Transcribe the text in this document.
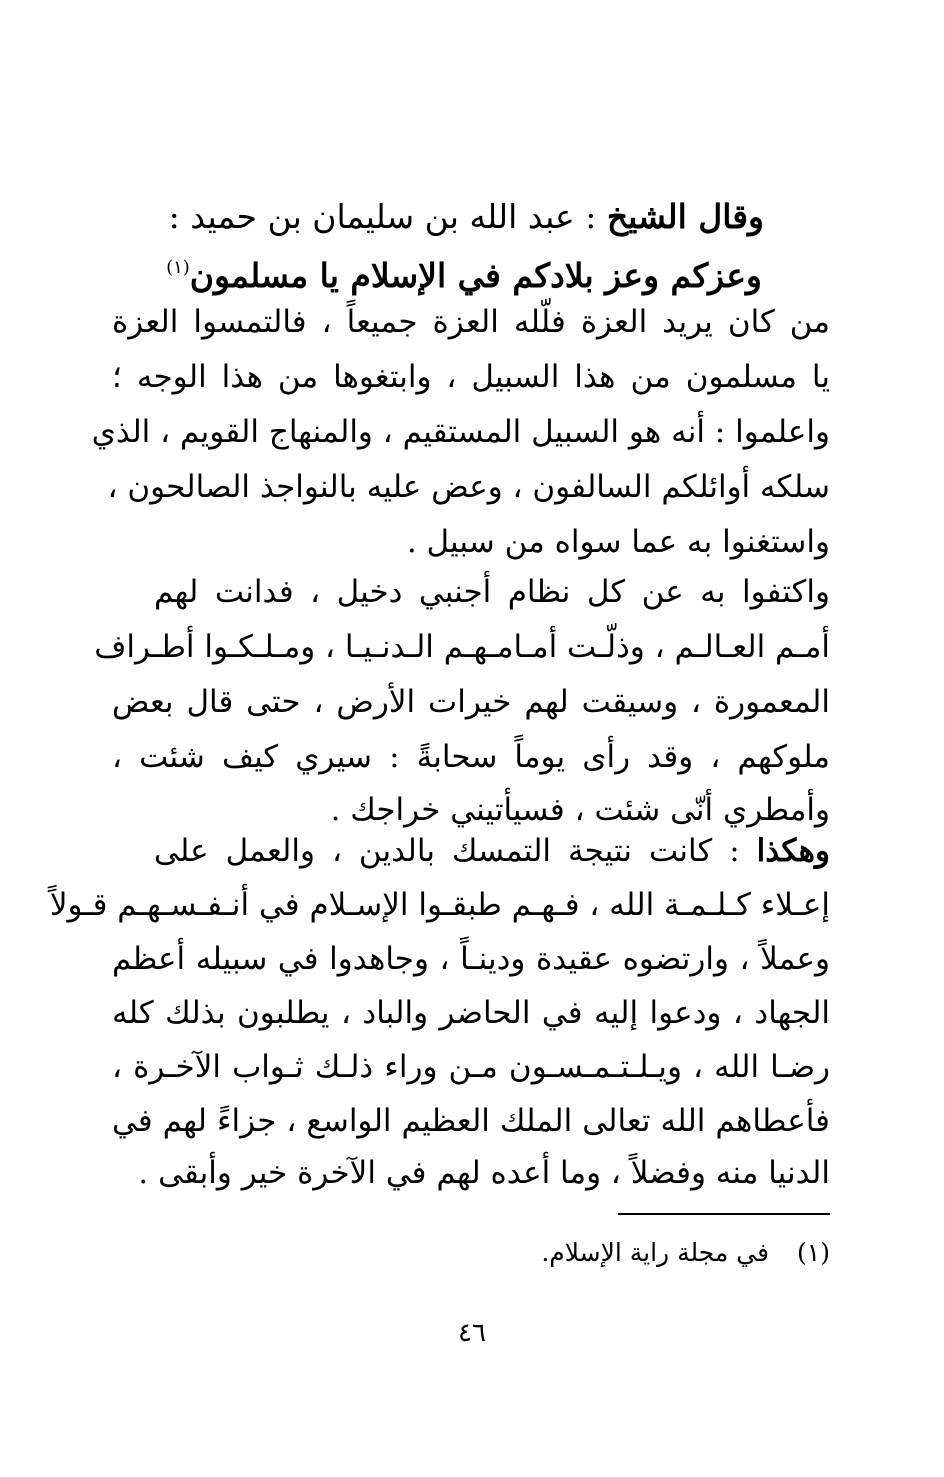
وقال الشيخ : عبد الله بن سليمان بن حميد :
وعزكم وعز بلادكم في الإسلام يا مسلمون$^{(١)}$
من كان يريد العزة فلّله العزة جميعاً ، فالتمسوا العزة
يا مسلمون من هذا السبيل ، وابتغوها من هذا الوجه ؛
واعلموا : أنه هو السبيل المستقيم ، والمنهاج القويم ، الذي
سلكه أوائلكم السالفون ، وعض عليه بالنواجذ الصالحون ،
واستغنوا به عما سواه من سبيل .
واكتفوا به عن كل نظام أجنبي دخيل ، فدانت لهم
أمـم العـالـم ، وذلّـت أمـامـهـم الـدنـيـا ، ومـلـكـوا أطـراف
المعمورة ، وسيقت لهم خيرات الأرض ، حتى قال بعض
ملوكهم ، وقد رأى يوماً سحابةً : سيري كيف شئت ،
وأمطري أنّى شئت ، فسيأتيني خراجك .
وهكذا : كانت نتيجة التمسك بالدين ، والعمل على
إعـلاء كـلـمـة الله ، فـهـم طبقـوا الإسـلام في أنـفـسـهـم قـولاً
وعملاً ، وارتضوه عقيدة ودينـاً ، وجاهدوا في سبيله أعظم
الجهاد ، ودعوا إليه في الحاضر والباد ، يطلبون بذلك كله
رضـا الله ، ويـلـتـمـسـون مـن وراء ذلـك ثـواب الآخـرة ،
فأعطاهم الله تعالى الملك العظيم الواسع ، جزاءً لهم في
الدنيا منه وفضلاً ، وما أعده لهم في الآخرة خير وأبقى .
(١)في مجلة راية الإسلام.
٤٦
